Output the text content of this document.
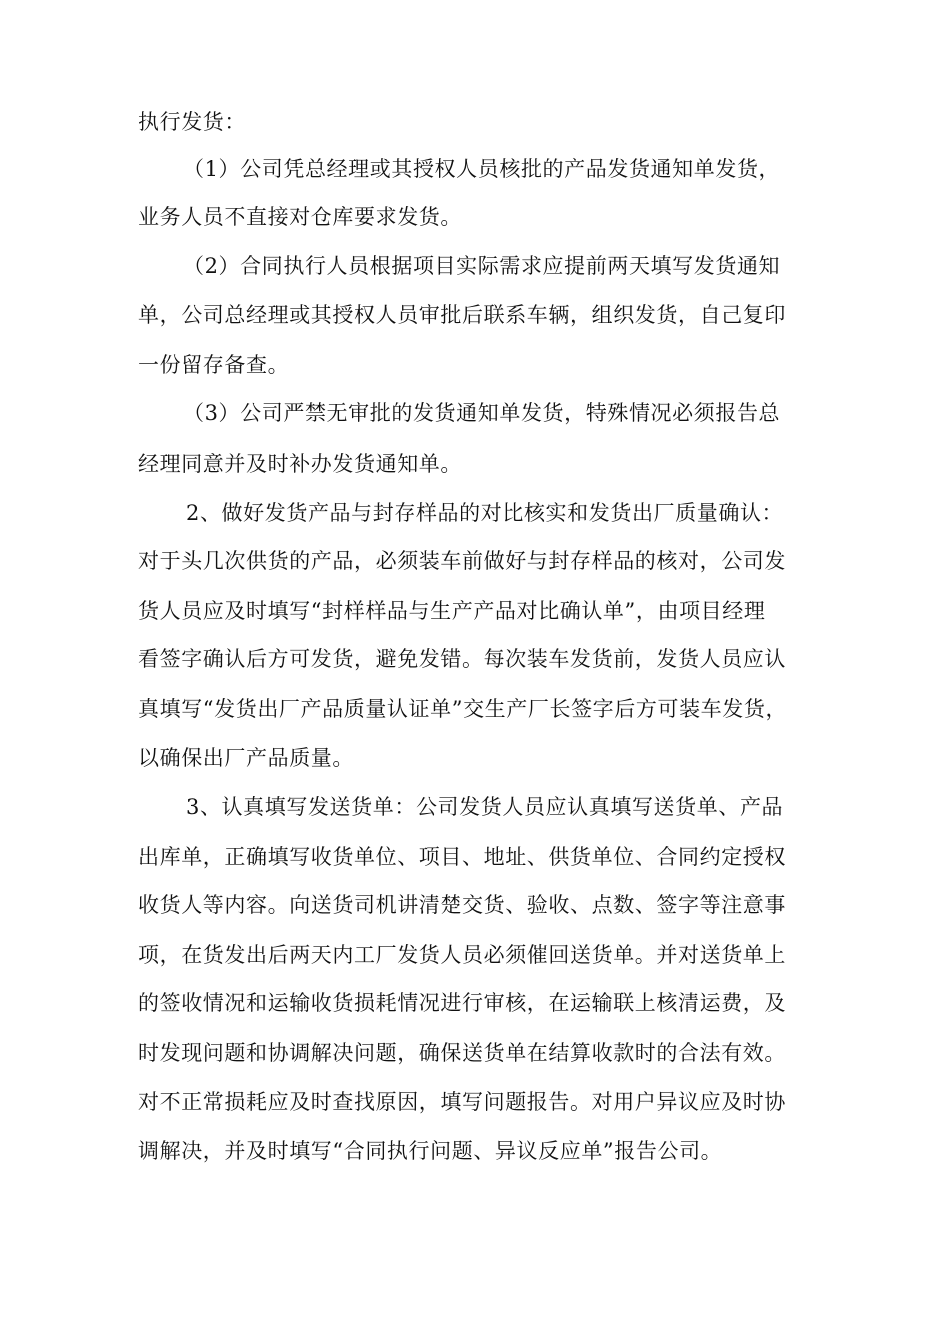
执行发货：
（1）公司凭总经理或其授权人员核批的产品发货通知单发货，
业务人员不直接对仓库要求发货。
（2）合同执行人员根据项目实际需求应提前两天填写发货通知
单，公司总经理或其授权人员审批后联系车辆，组织发货，自己复印
一份留存备查。
（3）公司严禁无审批的发货通知单发货，特殊情况必须报告总
经理同意并及时补办发货通知单。
2、做好发货产品与封存样品的对比核实和发货出厂质量确认：
对于头几次供货的产品，必须装车前做好与封存样品的核对，公司发
货人员应及时填写“封样样品与生产产品对比确认单”，由项目经理
看签字确认后方可发货，避免发错。每次装车发货前，发货人员应认
真填写“发货出厂产品质量认证单”交生产厂长签字后方可装车发货，
以确保出厂产品质量。
3、认真填写发送货单：公司发货人员应认真填写送货单、产品
出库单，正确填写收货单位、项目、地址、供货单位、合同约定授权
收货人等内容。向送货司机讲清楚交货、验收、点数、签字等注意事
项，在货发出后两天内工厂发货人员必须催回送货单。并对送货单上
的签收情况和运输收货损耗情况进行审核，在运输联上核清运费，及
时发现问题和协调解决问题，确保送货单在结算收款时的合法有效。
对不正常损耗应及时查找原因，填写问题报告。对用户异议应及时协
调解决，并及时填写“合同执行问题、异议反应单”报告公司。
